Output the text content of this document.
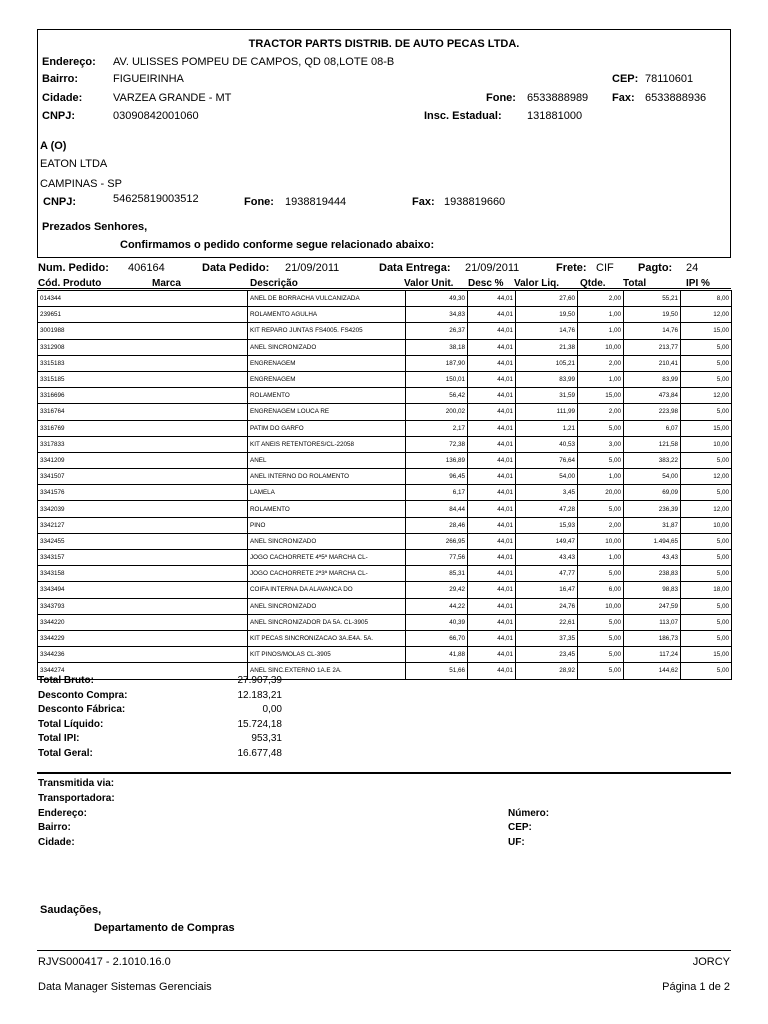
TRACTOR PARTS DISTRIB. DE AUTO PECAS LTDA.
Endereço: AV. ULISSES POMPEU DE CAMPOS, QD 08,LOTE 08-B
Bairro:	FIGUEIRINHA	CEP: 78110601
Cidade:	VARZEA GRANDE - MT	Fone: 6533888989 Fax: 6533888936
CNPJ:	03090842001060	Insc. Estadual: 131881000
A (O)
EATON LTDA
CAMPINAS - SP
CNPJ:	54625819003512	Fone: 1938819444	Fax: 1938819660
Prezados Senhores,
Confirmamos o pedido conforme segue relacionado abaixo:
Num. Pedido: 406164	Data Pedido: 21/09/2011	Data Entrega: 21/09/2011	Frete: CIF Pagto: 24
Cód. Produto	Marca	Descrição	Valor Unit. Desc % Valor Liq. Qtde. Total	IPI %
014344	ANEL DE BORRACHA VULCANIZADA	49,30	44,01	27,60	2,00	55,21	8,00
239651	ROLAMENTO AGULHA	34,83	44,01	19,50	1,00	19,50	12,00
3001988	KIT REPARO JUNTAS FS4005. FS4205	26,37	44,01	14,76	1,00	14,76	15,00
3312908	ANEL SINCRONIZADO	38,18	44,01	21,38	10,00	213,77	5,00
3315183	ENGRENAGEM	187,90	44,01	105,21	2,00	210,41	5,00
3315185	ENGRENAGEM	150,01	44,01	83,99	1,00	83,99	5,00
3316696	ROLAMENTO	56,42	44,01	31,59	15,00	473,84	12,00
3316764	ENGRENAGEM LOUCA RE	200,02	44,01	111,99	2,00	223,98	5,00
3316769	PATIM DO GARFO	2,17	44,01	1,21	5,00	6,07	15,00
3317833	KIT ANEIS RETENTORES/CL-22058	72,38	44,01	40,53	3,00	121,58	10,00
3341209	ANEL	136,89	44,01	76,64	5,00	383,22	5,00
3341507	ANEL INTERNO DO ROLAMENTO	96,45	44,01	54,00	1,00	54,00	12,00
3341576	LAMELA	6,17	44,01	3,45	20,00	69,09	5,00
3342039	ROLAMENTO	84,44	44,01	47,28	5,00	236,39	12,00
3342127	PINO	28,46	44,01	15,93	2,00	31,87	10,00
3342455	ANEL SINCRONIZADO	266,95	44,01	149,47	10,00	1.494,65	5,00
3343157	JOGO CACHORRETE 4ª5ª MARCHA CL-	77,56	44,01	43,43	1,00	43,43	5,00
3343158	JOGO CACHORRETE 2ª3ª MARCHA CL-	85,31	44,01	47,77	5,00	238,83	5,00
3343494	COIFA INTERNA DA ALAVANCA DO	29,42	44,01	16,47	6,00	98,83	18,00
3343793	ANEL SINCRONIZADO	44,22	44,01	24,76	10,00	247,59	5,00
3344220	ANEL SINCRONIZADOR DA 5A. CL-3905	40,39	44,01	22,61	5,00	113,07	5,00
3344229	KIT PECAS SINCRONIZACAO 3A.E4A. 5A.	66,70	44,01	37,35	5,00	186,73	5,00
3344236	KIT PINOS/MOLAS CL-3905	41,88	44,01	23,45	5,00	117,24	15,00
3344274	ANEL SINC.EXTERNO 1A.E 2A.	51,66	44,01	28,92	5,00	144,62	5,00
Total Bruto:	27.907,39
Desconto Compra:	12.183,21
Desconto Fábrica:	0,00
Total Líquido:	15.724,18
Total IPI:	953,31
Total Geral:	16.677,48
Transmitida via:
Transportadora:
Endereço:
Bairro:
Cidade:
Número:
CEP:
UF:
Saudações,
Departamento de Compras
RJVS000417 - 2.1010.16.0	JORCY
Data Manager Sistemas Gerenciais	Página 1 de 2
